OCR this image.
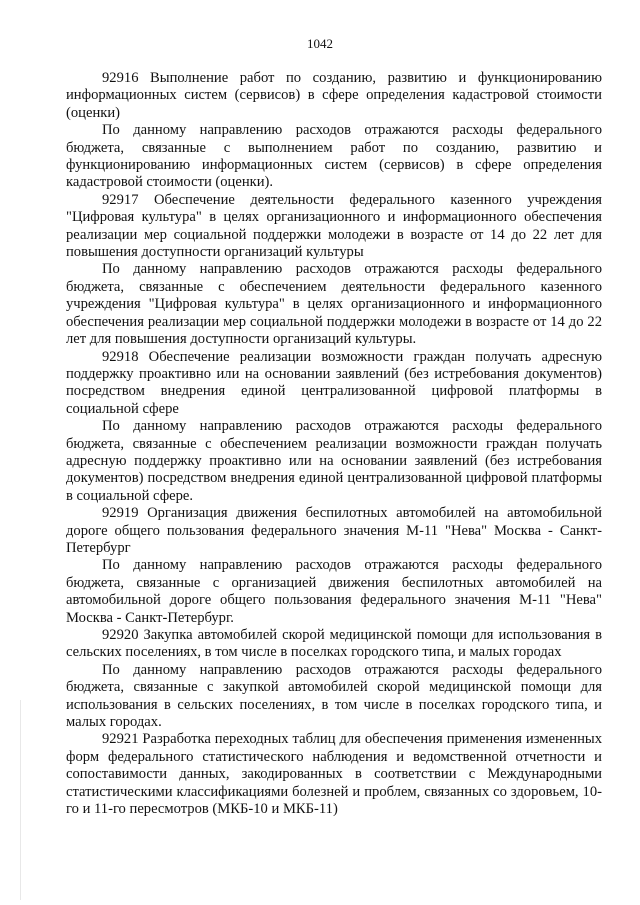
1042

92916 Выполнение работ по созданию, развитию и функционированию информационных систем (сервисов) в сфере определения кадастровой стоимости (оценки)

По данному направлению расходов отражаются расходы федерального бюджета, связанные с выполнением работ по созданию, развитию и функционированию информационных систем (сервисов) в сфере определения кадастровой стоимости (оценки).

92917 Обеспечение деятельности федерального казенного учреждения "Цифровая культура" в целях организационного и информационного обеспечения реализации мер социальной поддержки молодежи в возрасте от 14 до 22 лет для повышения доступности организаций культуры

По данному направлению расходов отражаются расходы федерального бюджета, связанные с обеспечением деятельности федерального казенного учреждения "Цифровая культура" в целях организационного и информационного обеспечения реализации мер социальной поддержки молодежи в возрасте от 14 до 22 лет для повышения доступности организаций культуры.

92918 Обеспечение реализации возможности граждан получать адресную поддержку проактивно или на основании заявлений (без истребования документов) посредством внедрения единой централизованной цифровой платформы в социальной сфере

По данному направлению расходов отражаются расходы федерального бюджета, связанные с обеспечением реализации возможности граждан получать адресную поддержку проактивно или на основании заявлений (без истребования документов) посредством внедрения единой централизованной цифровой платформы в социальной сфере.

92919 Организация движения беспилотных автомобилей на автомобильной дороге общего пользования федерального значения М-11 "Нева" Москва - Санкт-Петербург

По данному направлению расходов отражаются расходы федерального бюджета, связанные с организацией движения беспилотных автомобилей на автомобильной дороге общего пользования федерального значения М-11 "Нева" Москва - Санкт-Петербург.

92920 Закупка автомобилей скорой медицинской помощи для использования в сельских поселениях, в том числе в поселках городского типа, и малых городах

По данному направлению расходов отражаются расходы федерального бюджета, связанные с закупкой автомобилей скорой медицинской помощи для использования в сельских поселениях, в том числе в поселках городского типа, и малых городах.

92921 Разработка переходных таблиц для обеспечения применения измененных форм федерального статистического наблюдения и ведомственной отчетности и сопоставимости данных, закодированных в соответствии с Международными статистическими классификациями болезней и проблем, связанных со здоровьем, 10-го и 11-го пересмотров (МКБ-10 и МКБ-11)
